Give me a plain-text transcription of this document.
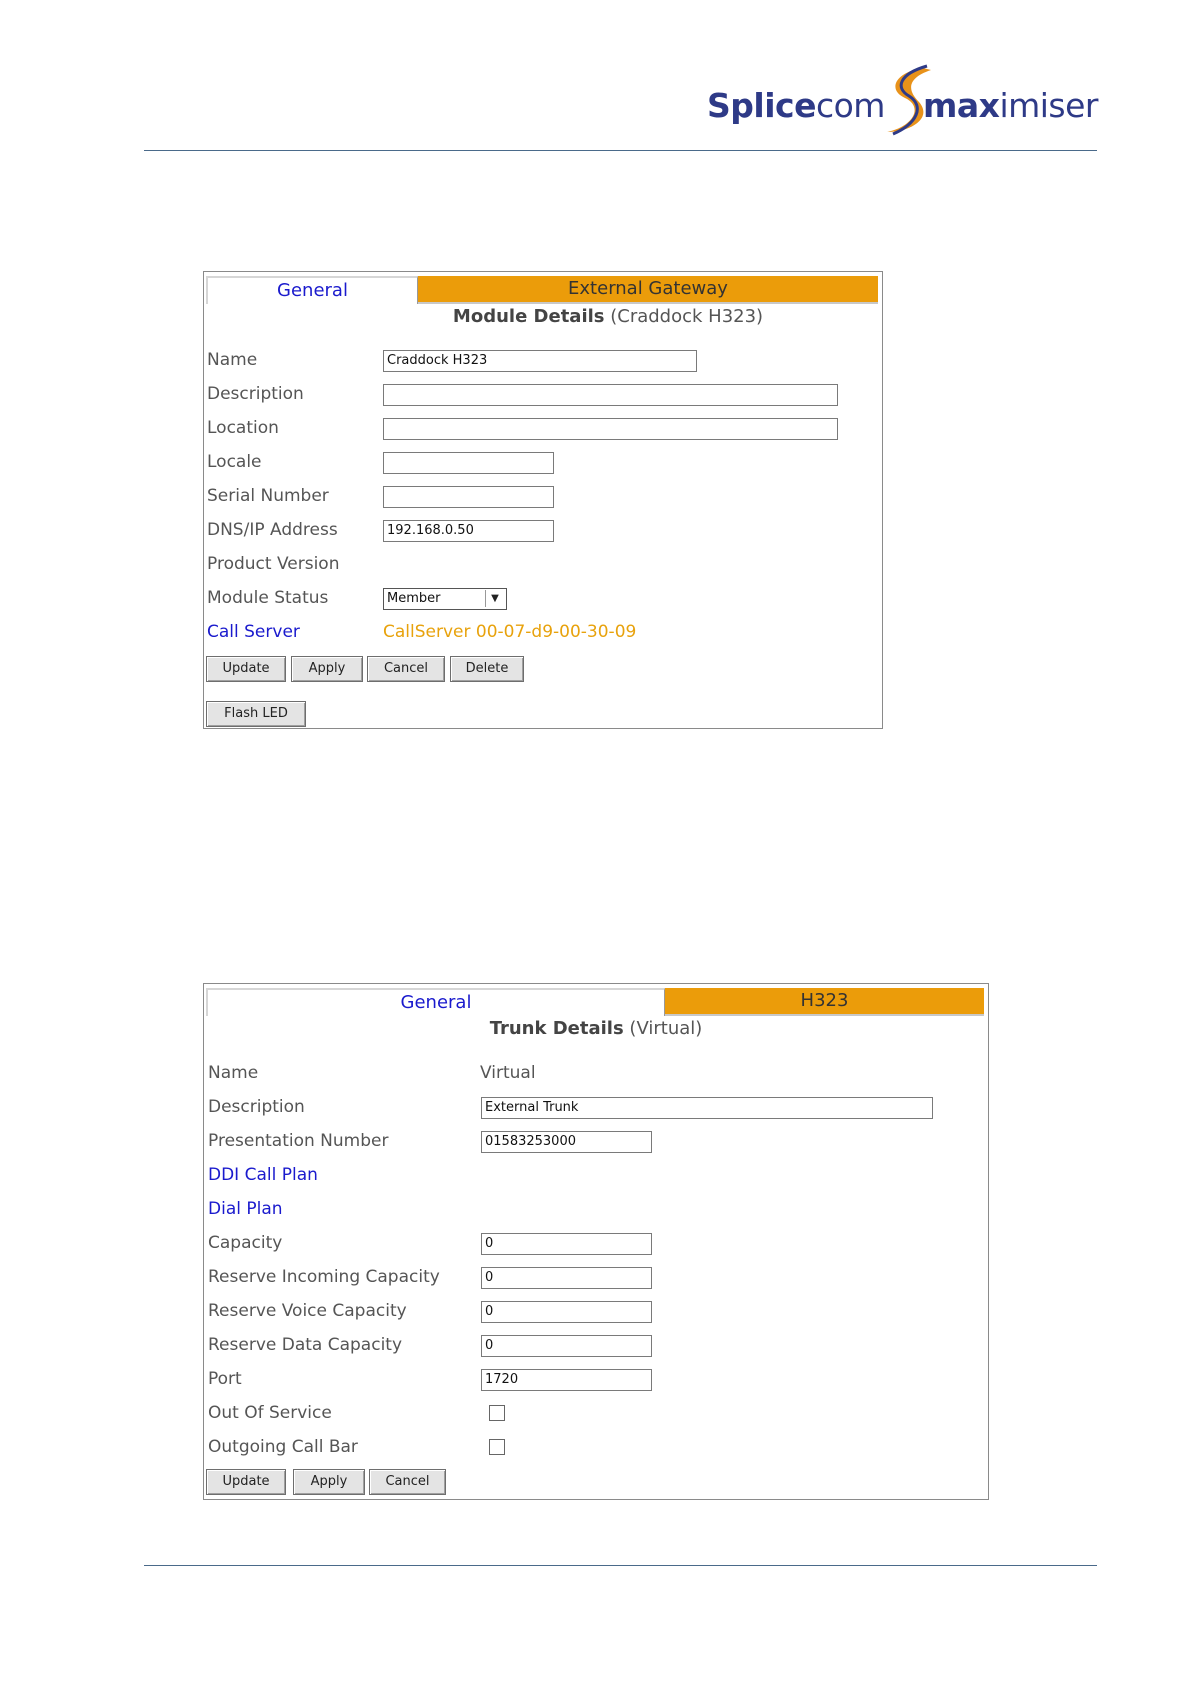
Splicecom maximiser
General	External Gateway
Module Details (Craddock H323)
Name	Craddock H323
Description
Location
Locale
Serial Number
DNS/IP Address	192.168.0.50
Product Version
Module Status	Member	▼
Call Server	CallServer 00-07-d9-00-30-09
Update	Apply	Cancel	Delete
Flash LED
General	H323
Trunk Details (Virtual)
Name	Virtual
Description	External Trunk
Presentation Number	01583253000
DDI Call Plan
Dial Plan
Capacity	0
Reserve Incoming Capacity	0
Reserve Voice Capacity	0
Reserve Data Capacity	0
Port	1720
Out Of Service
Outgoing Call Bar
Update	Apply	Cancel
